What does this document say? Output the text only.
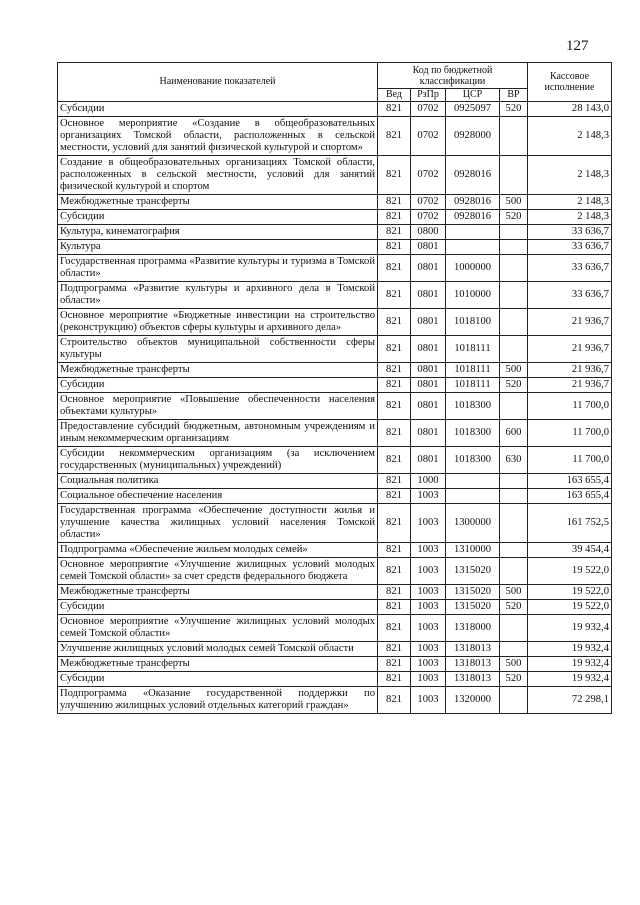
127
Наименование показателей	Код по бюджетной классификации				Кассовое исполнение
	Вед	РзПр	ЦСР	ВР	
Субсидии	821	0702	0925097	520	28 143,0
Основное мероприятие «Создание в общеобразовательных организациях Томской области, расположенных в сельской местности, условий для занятий физической культурой и спортом»	821	0702	0928000		2 148,3
Создание в общеобразовательных организациях Томской области, расположенных в сельской местности, условий для занятий физической культурой и спортом	821	0702	0928016		2 148,3
Межбюджетные трансферты	821	0702	0928016	500	2 148,3
Субсидии	821	0702	0928016	520	2 148,3
Культура, кинематография	821	0800			33 636,7
Культура	821	0801			33 636,7
Государственная программа «Развитие культуры и туризма в Томской области»	821	0801	1000000		33 636,7
Подпрограмма «Развитие культуры и архивного дела в Томской области»	821	0801	1010000		33 636,7
Основное мероприятие «Бюджетные инвестиции на строительство (реконструкцию) объектов сферы культуры и архивного дела»	821	0801	1018100		21 936,7
Строительство объектов муниципальной собственности сферы культуры	821	0801	1018111		21 936,7
Межбюджетные трансферты	821	0801	1018111	500	21 936,7
Субсидии	821	0801	1018111	520	21 936,7
Основное мероприятие «Повышение обеспеченности населения объектами культуры»	821	0801	1018300		11 700,0
Предоставление субсидий бюджетным, автономным учреждениям и иным некоммерческим организациям	821	0801	1018300	600	11 700,0
Субсидии некоммерческим организациям (за исключением государственных (муниципальных) учреждений)	821	0801	1018300	630	11 700,0
Социальная политика	821	1000			163 655,4
Социальное обеспечение населения	821	1003			163 655,4
Государственная программа «Обеспечение доступности жилья и улучшение качества жилищных условий населения Томской области»	821	1003	1300000		161 752,5
Подпрограмма «Обеспечение жильем молодых семей»	821	1003	1310000		39 454,4
Основное мероприятие «Улучшение жилищных условий молодых семей Томской области» за счет средств федерального бюджета	821	1003	1315020		19 522,0
Межбюджетные трансферты	821	1003	1315020	500	19 522,0
Субсидии	821	1003	1315020	520	19 522,0
Основное мероприятие «Улучшение жилищных условий молодых семей Томской области»	821	1003	1318000		19 932,4
Улучшение жилищных условий молодых семей Томской области	821	1003	1318013		19 932,4
Межбюджетные трансферты	821	1003	1318013	500	19 932,4
Субсидии	821	1003	1318013	520	19 932,4
Подпрограмма «Оказание государственной поддержки по улучшению жилищных условий отдельных категорий граждан»	821	1003	1320000		72 298,1
